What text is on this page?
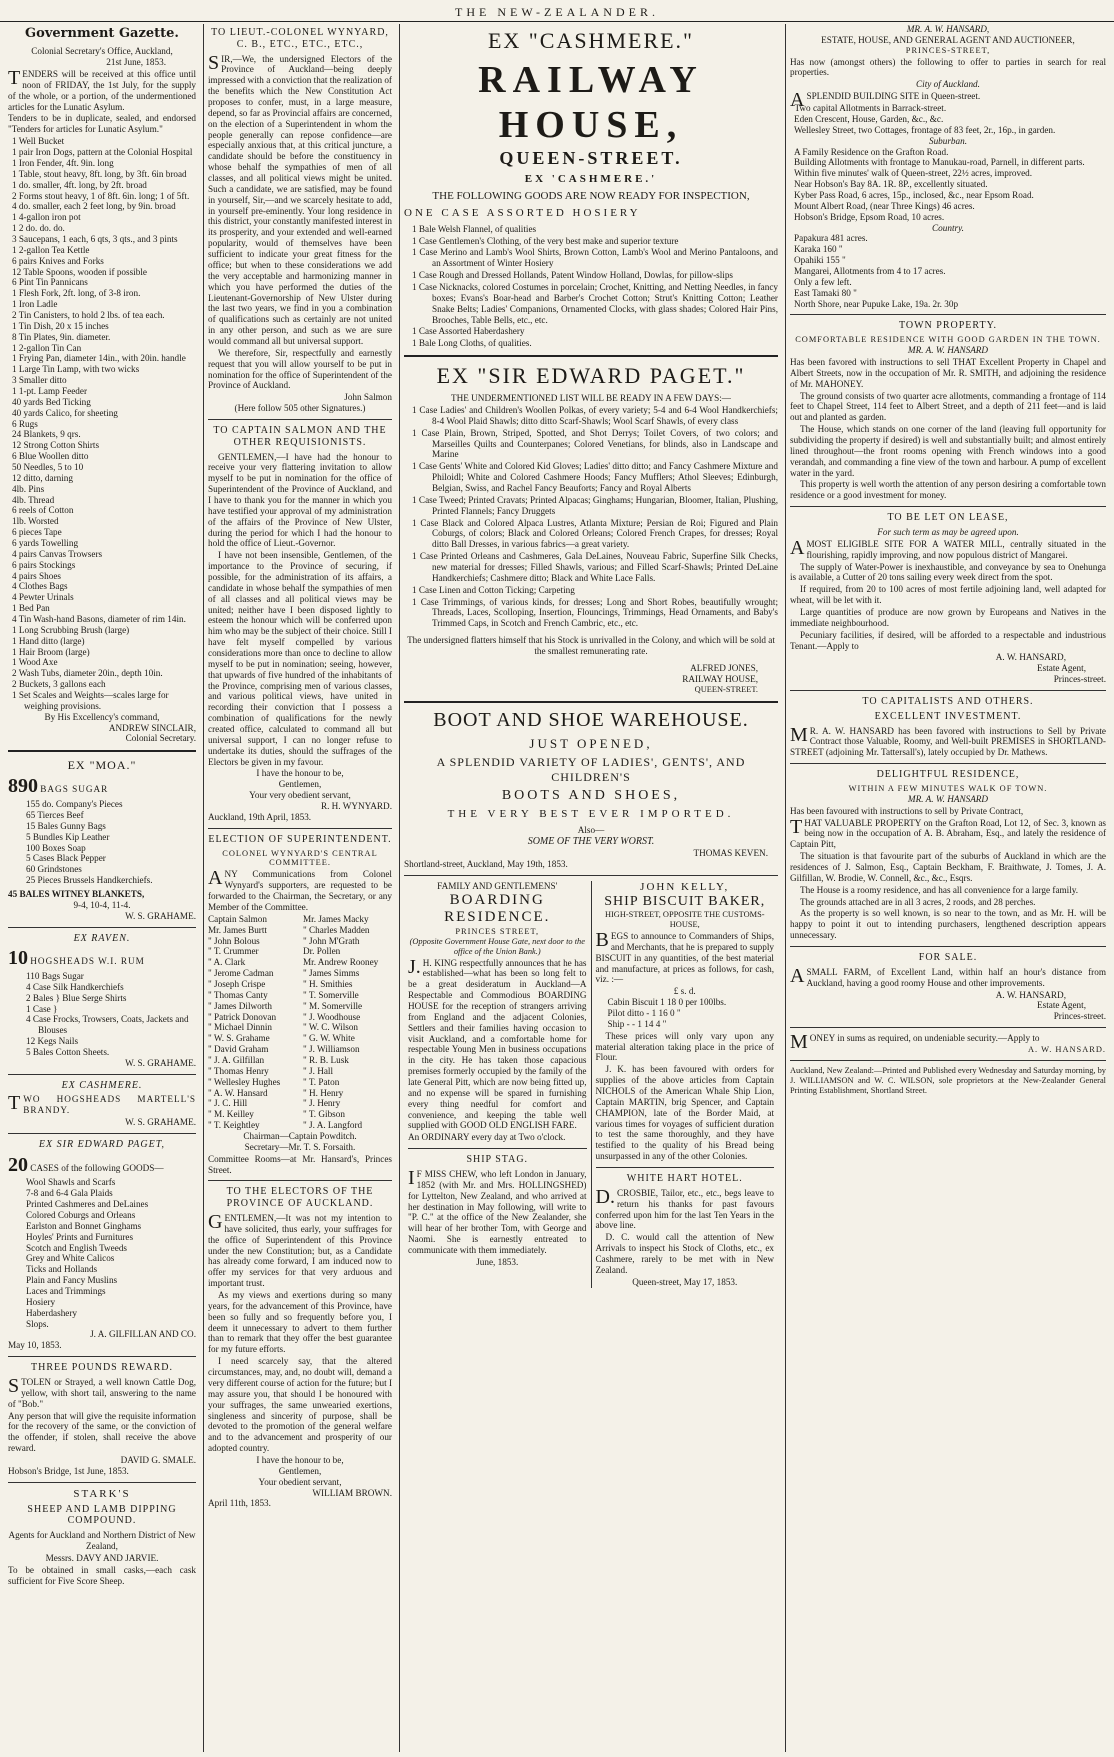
THE NEW-ZEALANDER.
Government Gazette.
Colonial Secretary's Office, Auckland,
21st June, 1853.

TENDERS will be received at this office until noon of FRIDAY, the 1st July, for the supply of the whole, or a portion, of the undermentioned articles for the Lunatic Asylum.

Tenders to be in duplicate, sealed, and endorsed "Tenders for articles for Lunatic Asylum."

1 Well Bucket
1 pair Iron Dogs, pattern at the Colonial Hospital
1 Iron Fender, 4ft. 9in. long
1 Table, stout heavy, 8ft. long, by 3ft. 6in broad
1 do. smaller, 4ft. long, by 2ft. broad
2 Forms stout heavy, 1 of 8ft. 6in. long; 1 of 5ft.
4 do. smaller, each 2 feet long, by 9in. broad
1 4-gallon iron pot
1 2 do. do. do.
3 Saucepans, 1 each, 6 qts, 3 qts., and 3 pints
1 2-gallon Tea Kettle
6 pairs Knives and Forks
12 Table Spoons, wooden if possible
6 Pint Tin Pannicans
1 Flesh Fork, 2ft. long, of 3-8 iron.
1 Iron Ladle
2 Tin Canisters, to hold 2 lbs. of tea each.
1 Tin Dish, 20 x 15 inches
8 Tin Plates, 9in. diameter.
1 2-gallon Tin Can
1 Frying Pan, diameter 14in., with 20in. handle
1 Large Tin Lamp, with two wicks
3 Smaller ditto
1 1-pt. Lamp Feeder
40 yards Bed Ticking
40 yards Calico, for sheeting
6 Rugs
24 Blankets, 9 qrs.
12 Strong Cotton Shirts
6 Blue Woollen ditto
50 Needles, 5 to 10
12 ditto, darning
4lb. Pins
4lb. Thread
6 reels of Cotton
1lb. Worsted
6 pieces Tape
6 yards Towelling
4 pairs Canvas Trowsers
6 pairs Stockings
4 pairs Shoes
4 Clothes Bags
4 Pewter Urinals
1 Bed Pan
4 Tin Wash-hand Basons, diameter of rim 14in.
1 Long Scrubbing Brush (large)
1 Hand ditto (large)
1 Hair Broom (large)
1 Wood Axe
2 Wash Tubs, diameter 20in., depth 10in.
2 Buckets, 3 gallons each
1 Set Scales and Weights—scales large for weighing provisions.
By His Excellency's command,
ANDREW SINCLAIR,
Colonial Secretary.
EX "MOA."
890 BAGS SUGAR
155 do. Company's Pieces
65 Tierces Beef
15 Bales Gunny Bags
5 Bundles Kip Leather
100 Boxes Soap
5 Cases Black Pepper
60 Grindstones
25 Pieces Brussels Handkerchiefs.
45 BALES WITNEY BLANKETS,
9-4, 10-4, 11-4.
W. S. GRAHAME.
EX RAVEN.
10 HOGSHEADS W.I. RUM
110 Bags Sugar
4 Case Silk Handkerchiefs
2 Bales } Blue Serge Shirts
1 Case }
4 Case Frocks, Trowsers, Coats, Jackets and Blouses
12 Kegs Nails
5 Bales Cotton Sheets.
W. S. GRAHAME.
EX CASHMERE.

TWO HOGSHEADS MARTELL'S BRANDY.

W. S. GRAHAME.
EX SIR EDWARD PAGET,
20 CASES of the following GOODS—
Wool Shawls and Scarfs
7-8 and 6-4 Gala Plaids
Printed Cashmeres and DeLaines
Colored Coburgs and Orleans
Earlston and Bonnet Ginghams
Hoyles' Prints and Furnitures
Scotch and English Tweeds
Grey and White Calicos
Ticks and Hollands
Plain and Fancy Muslins
Laces and Trimmings
Hosiery
Haberdashery
Slops.
J. A. GILFILLAN AND CO.
May 10, 1853.
THREE POUNDS REWARD.

STOLEN or Strayed, a well known Cattle Dog, yellow, with short tail, answering to the name of "Bob."

Any person that will give the requisite information for the recovery of the same, or the conviction of the offender, if stolen, shall receive the above reward.

DAVID G. SMALE.
Hobson's Bridge, 1st June, 1853.
STARK'S
SHEEP AND LAMB DIPPING COMPOUND.

Agents for Auckland and Northern District of New Zealand,

Messrs. DAVY AND JARVIE.

To be obtained in small casks,—each cask sufficient for Five Score Sheep.

TO LIEUT.-COLONEL WYNYARD, C. B., ETC., ETC., ETC.,

SIR,—We, the undersigned Electors of the Province of Auckland—being deeply impressed with a conviction that the realization of the benefits which the New Constitution Act proposes to confer, must, in a large measure, depend, so far as Provincial affairs are concerned, on the election of a Superintendent in whom the people generally can repose confidence—are especially anxious that, at this critical juncture, a candidate should be before the constituency in whose behalf the sympathies of men of all classes, and all political views might be united. Such a candidate, we are satisfied, may be found in yourself, Sir,—and we scarcely hesitate to add, in yourself pre-eminently. Your long residence in this district, your constantly manifested interest in its prosperity, and your extended and well-earned popularity, would of themselves have been sufficient to indicate your great fitness for the office; but when to these considerations we add the very acceptable and harmonizing manner in which you have performed the duties of the Lieutenant-Governorship of New Ulster during the last two years, we find in you a combination of qualifications such as certainly are not united in any other person, and such as we are sure would command all but universal support.

We therefore, Sir, respectfully and earnestly request that you will allow yourself to be put in nomination for the office of Superintendent of the Province of Auckland.

John Salmon
(Here follow 505 other Signatures.)
TO CAPTAIN SALMON AND THE OTHER REQUISIONISTS.

GENTLEMEN,—I have had the honour to receive your very flattering invitation to allow myself to be put in nomination for the office of Superintendent of the Province of Auckland, and I have to thank you for the manner in which you have testified your approval of my administration of the affairs of the Province of New Ulster, during the period for which I had the honour to hold the office of Lieut.-Governor.

I have not been insensible, Gentlemen, of the importance to the Province of securing, if possible, for the administration of its affairs, a candidate in whose behalf the sympathies of men of all classes and all political views may be united; neither have I been disposed lightly to esteem the honour which will be conferred upon him who may be the subject of their choice. Still I have felt myself compelled by various considerations more than once to decline to allow myself to be put in nomination; seeing, however, that upwards of five hundred of the inhabitants of the Province, comprising men of various classes, and various political views, have united in recording their conviction that I possess a combination of qualifications for the newly created office, calculated to command all but universal support, I can no longer refuse to undertake its duties, should the suffrages of the Electors be given in my favour.

I have the honour to be,
Gentlemen,
Your very obedient servant,
R. H. WYNYARD.
Auckland, 19th April, 1853.
ELECTION OF SUPERINTENDENT.
COLONEL WYNYARD'S CENTRAL COMMITTEE.

ANY Communications from Colonel Wynyard's supporters, are requested to be forwarded to the Chairman, the Secretary, or any Member of the Committee.

Captain Salmon
Mr. James Burtt
" John Bolous
" T. Crummer
" A. Clark
" Jerome Cadman
" Joseph Crispe
" Thomas Canty
" James Dilworth
" Patrick Donovan
" Michael Dinnin
" W. S. Grahame
" David Graham
" J. A. Gilfillan
" Thomas Henry
" Wellesley Hughes
" A. W. Hansard
" J. C. Hill
" M. Keilley
" T. Keightley
Mr. James Macky
" Charles Madden
" John M'Grath
Dr. Pollen
Mr. Andrew Rooney
" James Simms
" H. Smithies
" T. Somerville
" M. Somerville
" J. Woodhouse
" W. C. Wilson
" G. W. White
" J. Williamson
" R. B. Lusk
" J. Hall
" T. Paton
" H. Henry
" J. Henry
" T. Gibson
" J. A. Langford
Chairman—Captain Powditch.
Secretary—Mr. T. S. Forsaith.

Committee Rooms—at Mr. Hansard's, Princes Street.

TO THE ELECTORS OF THE PROVINCE OF AUCKLAND.

GENTLEMEN,—It was not my intention to have solicited, thus early, your suffrages for the office of Superintendent of this Province under the new Constitution; but, as a Candidate has already come forward, I am induced now to offer my services for that very arduous and important trust.

As my views and exertions during so many years, for the advancement of this Province, have been so fully and so frequently before you, I deem it unnecessary to advert to them further than to remark that they offer the best guarantee for my future efforts.

I need scarcely say, that the altered circumstances, may, and, no doubt will, demand a very different course of action for the future; but I may assure you, that should I be honoured with your suffrages, the same unwearied exertions, singleness and sincerity of purpose, shall be devoted to the promotion of the general welfare and to the advancement and prosperity of our adopted country.

I have the honour to be,
Gentlemen,
Your obedient servant,
WILLIAM BROWN.
April 11th, 1853.
EX "CASHMERE."
RAILWAY HOUSE,
QUEEN-STREET.
EX 'CASHMERE.'
THE FOLLOWING GOODS ARE NOW READY FOR INSPECTION,
ONE CASE ASSORTED HOSIERY
1 Bale Welsh Flannel, of qualities
1 Case Gentlemen's Clothing, of the very best make and superior texture
1 Case Merino and Lamb's Wool Shirts, Brown Cotton, Lamb's Wool and Merino Pantaloons, and an Assortment of Winter Hosiery
1 Case Rough and Dressed Hollands, Patent Window Holland, Dowlas, for pillow-slips
1 Case Nicknacks, colored Costumes in porcelain; Crochet, Knitting, and Netting Needles, in fancy boxes; Evans's Boar-head and Barber's Crochet Cotton; Strut's Knitting Cotton; Leather Snake Belts; Ladies' Companions, Ornamented Clocks, with glass shades; Colored Hair Pins, Brooches, Table Bells, etc., etc.
1 Case Assorted Haberdashery
1 Bale Long Cloths, of qualities.
EX "SIR EDWARD PAGET."
THE UNDERMENTIONED LIST WILL BE READY IN A FEW DAYS:—
1 Case Ladies' and Children's Woollen Polkas, of every variety; 5-4 and 6-4 Wool Handkerchiefs; 8-4 Wool Plaid Shawls; ditto ditto Scarf-Shawls; Wool Scarf Shawls, of every class
1 Case Plain, Brown, Striped, Spotted, and Shot Derrys; Toilet Covers, of two colors; and Marseilles Quilts and Counterpanes; Colored Venetians, for blinds, also in Landscape and Marine
1 Case Gents' White and Colored Kid Gloves; Ladies' ditto ditto; and Fancy Cashmere Mixture and Philoidl; White and Colored Cashmere Hoods; Fancy Mufflers; Athol Sleeves; Edinburgh, Belgian, Swiss, and Rachel Fancy Beauforts; Fancy and Royal Alberts
1 Case Tweed; Printed Cravats; Printed Alpacas; Ginghams; Hungarian, Bloomer, Italian, Plushing, Printed Flannels; Fancy Druggets
1 Case Black and Colored Alpaca Lustres, Atlanta Mixture; Persian de Roi; Figured and Plain Coburgs, of colors; Black and Colored Orleans; Colored French Crapes, for dresses; Royal ditto Ball Dresses, in various fabrics—a great variety.
1 Case Printed Orleans and Cashmeres, Gala DeLaines, Nouveau Fabric, Superfine Silk Checks, new material for dresses; Filled Shawls, various; and Filled Scarf-Shawls; Printed DeLaine Handkerchiefs; Cashmere ditto; Black and White Lace Falls.
1 Case Linen and Cotton Ticking; Carpeting
1 Case Trimmings, of various kinds, for dresses; Long and Short Robes, beautifully wrought; Threads, Laces, Scolloping, Insertion, Flouncings, Trimmings, Head Ornaments, and Baby's Trimmed Caps, in Scotch and French Cambric, etc., etc.

The undersigned flatters himself that his Stock is unrivalled in the Colony, and which will be sold at the smallest remunerating rate.

ALFRED JONES,
RAILWAY HOUSE,
QUEEN-STREET.
BOOT AND SHOE WAREHOUSE.
JUST OPENED,
A SPLENDID VARIETY OF LADIES', GENTS', AND CHILDREN'S
BOOTS AND SHOES,
THE VERY BEST EVER IMPORTED.
Also—
SOME OF THE VERY WORST.
THOMAS KEVEN.
Shortland-street, Auckland, May 19th, 1853.
FAMILY AND GENTLEMENS'
BOARDING RESIDENCE.
PRINCES STREET,
(Opposite Government House Gate, next door to the office of the Union Bank.)

J.H. KING respectfully announces that he has established—what has been so long felt to be a great desideratum in Auckland—A Respectable and Commodious BOARDING HOUSE for the reception of strangers arriving from England and the adjacent Colonies, Settlers and their families having occasion to visit Auckland, and a comfortable home for respectable Young Men in business occupations in the city. He has taken those capacious premises formerly occupied by the family of the late General Pitt, which are now being fitted up, and no expense will be spared in furnishing every thing needful for comfort and convenience, and keeping the table well supplied with GOOD OLD ENGLISH FARE.

An ORDINARY every day at Two o'clock.
SHIP STAG.

IF MISS CHEW, who left London in January, 1852 (with Mr. and Mrs. HOLLINGSHED) for Lyttelton, New Zealand, and who arrived at her destination in May following, will write to "P. C." at the office of the New Zealander, she will hear of her brother Tom, with George and Naomi. She is earnestly entreated to communicate with them immediately.

June, 1853.
JOHN KELLY,
SHIP BISCUIT BAKER,
HIGH-STREET, OPPOSITE THE CUSTOMS-HOUSE,

BEGS to announce to Commanders of Ships, and Merchants, that he is prepared to supply BISCUIT in any quantities, of the best material and manufacture, at prices as follows, for cash, viz. :—

£ s. d.
Cabin Biscuit 1 18 0 per 100lbs.
Pilot ditto - 1 16 0 "
Ship - - 1 14 4 "

These prices will only vary upon any material alteration taking place in the price of Flour.

J. K. has been favoured with orders for supplies of the above articles from Captain NICHOLS of the American Whale Ship Lion, Captain MARTIN, brig Spencer, and Captain CHAMPION, late of the Border Maid, at various times for voyages of sufficient duration to test the same thoroughly, and they have testified to the quality of his Bread being unsurpassed in any of the other Colonies.

WHITE HART HOTEL.

D.CROSBIE, Tailor, etc., etc., begs leave to return his thanks for past favours conferred upon him for the last Ten Years in the above line.

D. C. would call the attention of New Arrivals to inspect his Stock of Cloths, etc., ex Cashmere, rarely to be met with in New Zealand.

Queen-street, May 17, 1853.
MR. A. W. HANSARD,
ESTATE, HOUSE, AND GENERAL AGENT AND AUCTIONEER,
PRINCES-STREET,

Has now (amongst others) the following to offer to parties in search for real properties.

City of Auckland.

ASPLENDID BUILDING SITE in Queen-street.

Two capital Allotments in Barrack-street.
Eden Crescent, House, Garden, &c., &c.
Wellesley Street, two Cottages, frontage of 83 feet, 2r., 16p., in garden.
Suburban.
A Family Residence on the Grafton Road.
Building Allotments with frontage to Manukau-road, Parnell, in different parts.
Within five minutes' walk of Queen-street, 22½ acres, improved.
Near Hobson's Bay 8A. 1R. 8P., excellently situated.
Kyber Pass Road, 6 acres, 15p., inclosed, &c., near Epsom Road.
Mount Albert Road, (near Three Kings) 46 acres.
Hobson's Bridge, Epsom Road, 10 acres.
Country.
Papakura 481 acres.
Karaka 160 "
Opahiki 155 "
Mangarei, Allotments from 4 to 17 acres.
Only a few left.
East Tamaki 80 "
North Shore, near Pupuke Lake, 19a. 2r. 30p
TOWN PROPERTY.
COMFORTABLE RESIDENCE WITH GOOD GARDEN IN THE TOWN.
MR. A. W. HANSARD

Has been favored with instructions to sell THAT Excellent Property in Chapel and Albert Streets, now in the occupation of Mr. R. SMITH, and adjoining the residence of Mr. MAHONEY.

The ground consists of two quarter acre allotments, commanding a frontage of 114 feet to Chapel Street, 114 feet to Albert Street, and a depth of 211 feet—and is laid out and planted as garden.

The House, which stands on one corner of the land (leaving full opportunity for subdividing the property if desired) is well and substantially built; and almost entirely lined throughout—the front rooms opening with French windows into a good verandah, and commanding a fine view of the town and harbour. A pump of excellent water in the yard.

This property is well worth the attention of any person desiring a comfortable town residence or a good investment for money.

TO BE LET ON LEASE,
For such term as may be agreed upon.

AMOST ELIGIBLE SITE FOR A WATER MILL, centrally situated in the flourishing, rapidly improving, and now populous district of Mangarei.

The supply of Water-Power is inexhaustible, and conveyance by sea to Onehunga is available, a Cutter of 20 tons sailing every week direct from the spot.

If required, from 20 to 100 acres of most fertile adjoining land, well adapted for wheat, will be let with it.

Large quantities of produce are now grown by Europeans and Natives in the immediate neighbourhood.

Pecuniary facilities, if desired, will be afforded to a respectable and industrious Tenant.—Apply to

A. W. HANSARD,
Estate Agent,
Princes-street.
TO CAPITALISTS AND OTHERS.
EXCELLENT INVESTMENT.

MR. A. W. HANSARD has been favored with instructions to Sell by Private Contract those Valuable, Roomy, and Well-built PREMISES in SHORTLAND-STREET (adjoining Mr. Tattersall's), lately occupied by Dr. Mathews.

DELIGHTFUL RESIDENCE,
WITHIN A FEW MINUTES WALK OF TOWN.
MR. A. W. HANSARD

Has been favoured with instructions to sell by Private Contract,

THAT VALUABLE PROPERTY on the Grafton Road, Lot 12, of Sec. 3, known as being now in the occupation of A. B. Abraham, Esq., and lately the residence of Captain Pitt,

The situation is that favourite part of the suburbs of Auckland in which are the residences of J. Salmon, Esq., Captain Beckham, F. Braithwate, J. Tomes, J. A. Gilfillan, W. Brodie, W. Connell, &c., &c., Esqrs.

The House is a roomy residence, and has all convenience for a large family.

The grounds attached are in all 3 acres, 2 roods, and 28 perches.

As the property is so well known, is so near to the town, and as Mr. H. will be happy to point it out to intending purchasers, lengthened description appears unnecessary.

FOR SALE.

ASMALL FARM, of Excellent Land, within half an hour's distance from Auckland, having a good roomy House and other improvements.

A. W. HANSARD,
Estate Agent,
Princes-street.

MONEY in sums as required, on undeniable security.—Apply to

A. W. HANSARD.

Auckland, New Zealand:—Printed and Published every Wednesday and Saturday morning, by J. WILLIAMSON and W. C. WILSON, sole proprietors at the New-Zealander General Printing Establishment, Shortland Street.
